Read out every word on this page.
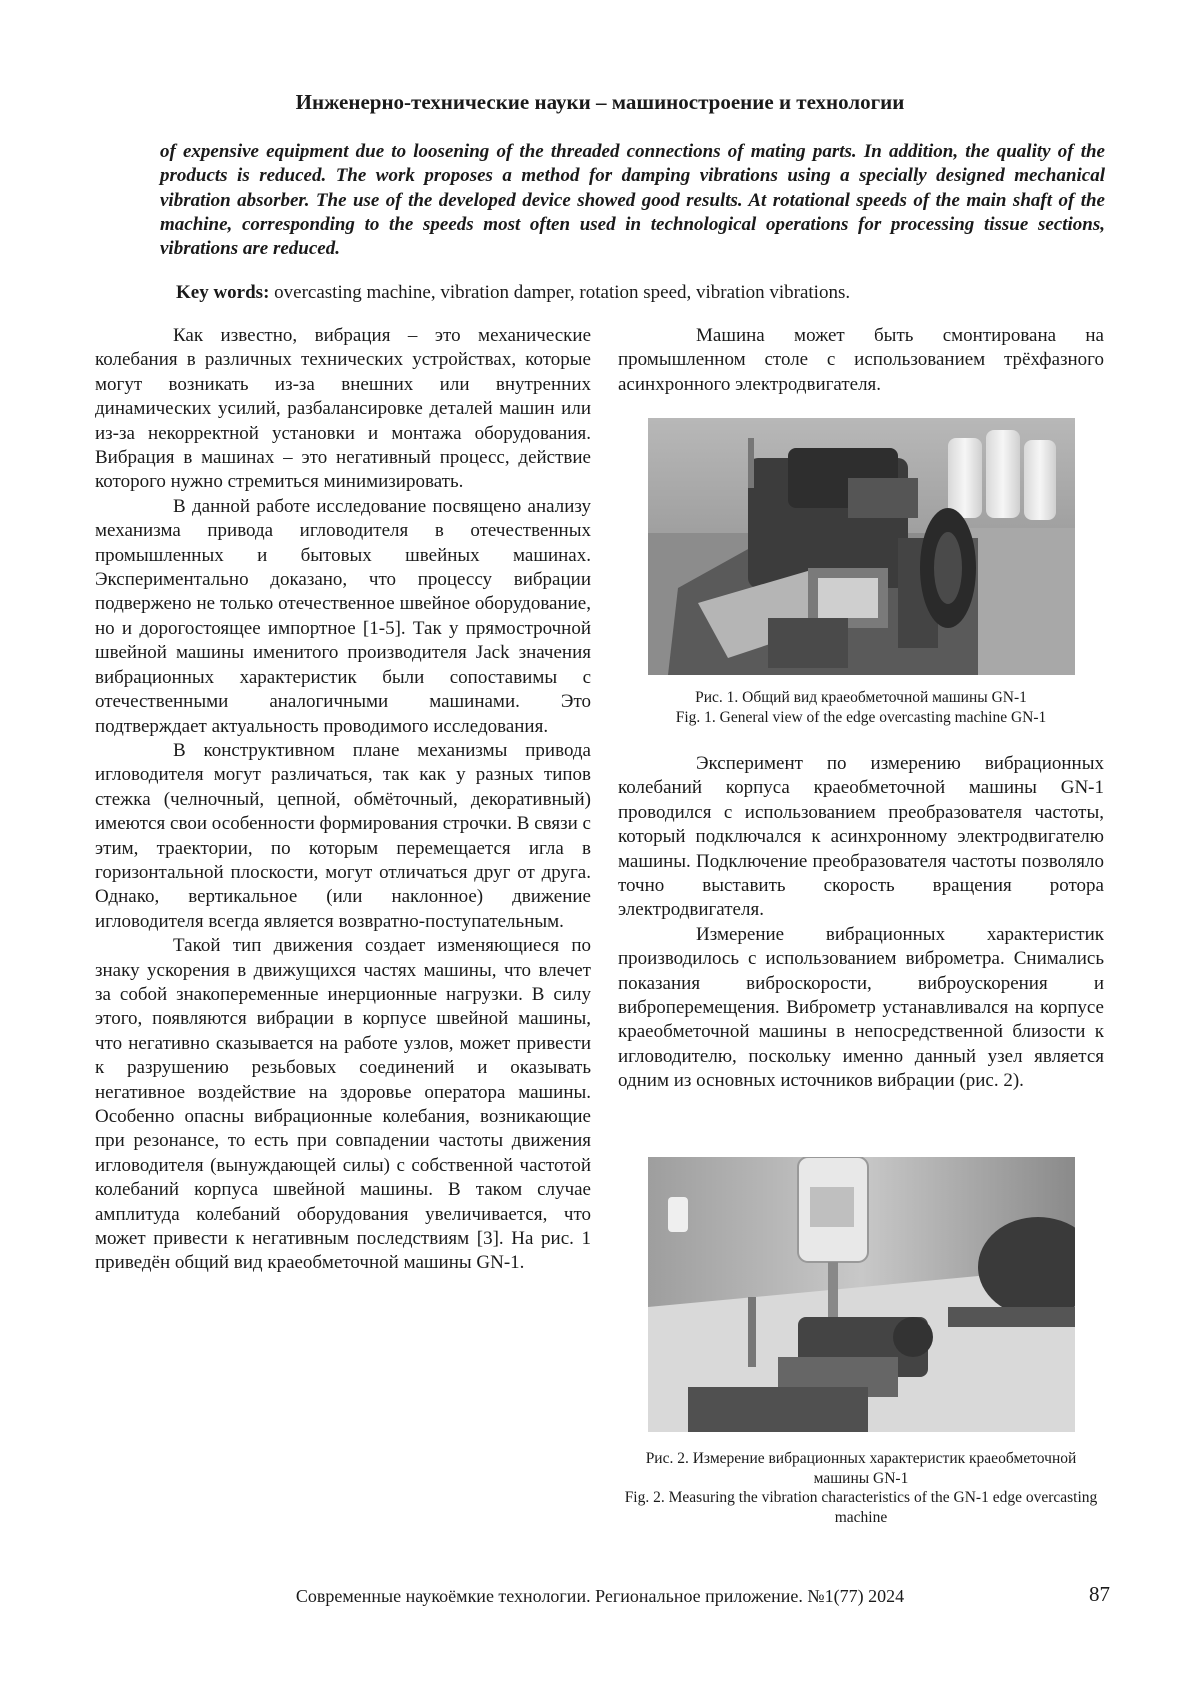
Инженерно-технические науки – машиностроение и технологии
of expensive equipment due to loosening of the threaded connections of mating parts. In addition, the quality of the products is reduced. The work proposes a method for damping vibrations using a specially designed mechanical vibration absorber. The use of the developed device showed good results. At rotational speeds of the main shaft of the machine, corresponding to the speeds most often used in technological operations for processing tissue sections, vibrations are reduced.
Key words: overcasting machine, vibration damper, rotation speed, vibration vibrations.

Как известно, вибрация – это механические колебания в различных технических устройствах, которые могут возникать из-за внешних или внутренних динамических усилий, разбалансировке деталей машин или из-за некорректной установки и монтажа оборудования. Вибрация в машинах – это негативный процесс, действие которого нужно стремиться минимизировать.

В данной работе исследование посвящено анализу механизма привода игловодителя в отечественных промышленных и бытовых швейных машинах. Экспериментально доказано, что процессу вибрации подвержено не только отечественное швейное оборудование, но и дорогостоящее импортное [1-5]. Так у прямострочной швейной машины именитого производителя Jack значения вибрационных характеристик были сопоставимы с отечественными аналогичными машинами. Это подтверждает актуальность проводимого исследования.

В конструктивном плане механизмы привода игловодителя могут различаться, так как у разных типов стежка (челночный, цепной, обмёточный, декоративный) имеются свои особенности формирования строчки. В связи с этим, траектории, по которым перемещается игла в горизонтальной плоскости, могут отличаться друг от друга. Однако, вертикальное (или наклонное) движение игловодителя всегда является возвратно-поступательным.

Такой тип движения создает изменяющиеся по знаку ускорения в движущихся частях машины, что влечет за собой знакопеременные инерционные нагрузки. В силу этого, появляются вибрации в корпусе швейной машины, что негативно сказывается на работе узлов, может привести к разрушению резьбовых соединений и оказывать негативное воздействие на здоровье оператора машины. Особенно опасны вибрационные колебания, возникающие при резонансе, то есть при совпадении частоты движения игловодителя (вынуждающей силы) с собственной частотой колебаний корпуса швейной машины. В таком случае амплитуда колебаний оборудования увеличивается, что может привести к негативным последствиям [3]. На рис. 1 приведён общий вид краеобметочной машины GN-1.

Машина может быть смонтирована на промышленном столе с использованием трёхфазного асинхронного электродвигателя.

Рис. 1. Общий вид краеобметочной машины GN-1
Fig. 1. General view of the edge overcasting machine GN-1

Эксперимент по измерению вибрационных колебаний корпуса краеобметочной машины GN-1 проводился с использованием преобразователя частоты, который подключался к асинхронному электродвигателю машины. Подключение преобразователя частоты позволяло точно выставить скорость вращения ротора электродвигателя.

Измерение вибрационных характеристик производилось с использованием виброметра. Снимались показания виброскорости, виброускорения и виброперемещения. Виброметр устанавливался на корпусе краеобметочной машины в непосредственной близости к игловодителю, поскольку именно данный узел является одним из основных источников вибрации (рис. 2).

Рис. 2. Измерение вибрационных характеристик краеобметочной машины GN-1
Fig. 2. Measuring the vibration characteristics of the GN-1 edge overcasting machine
Современные наукоёмкие технологии. Региональное приложение. №1(77) 2024	87
